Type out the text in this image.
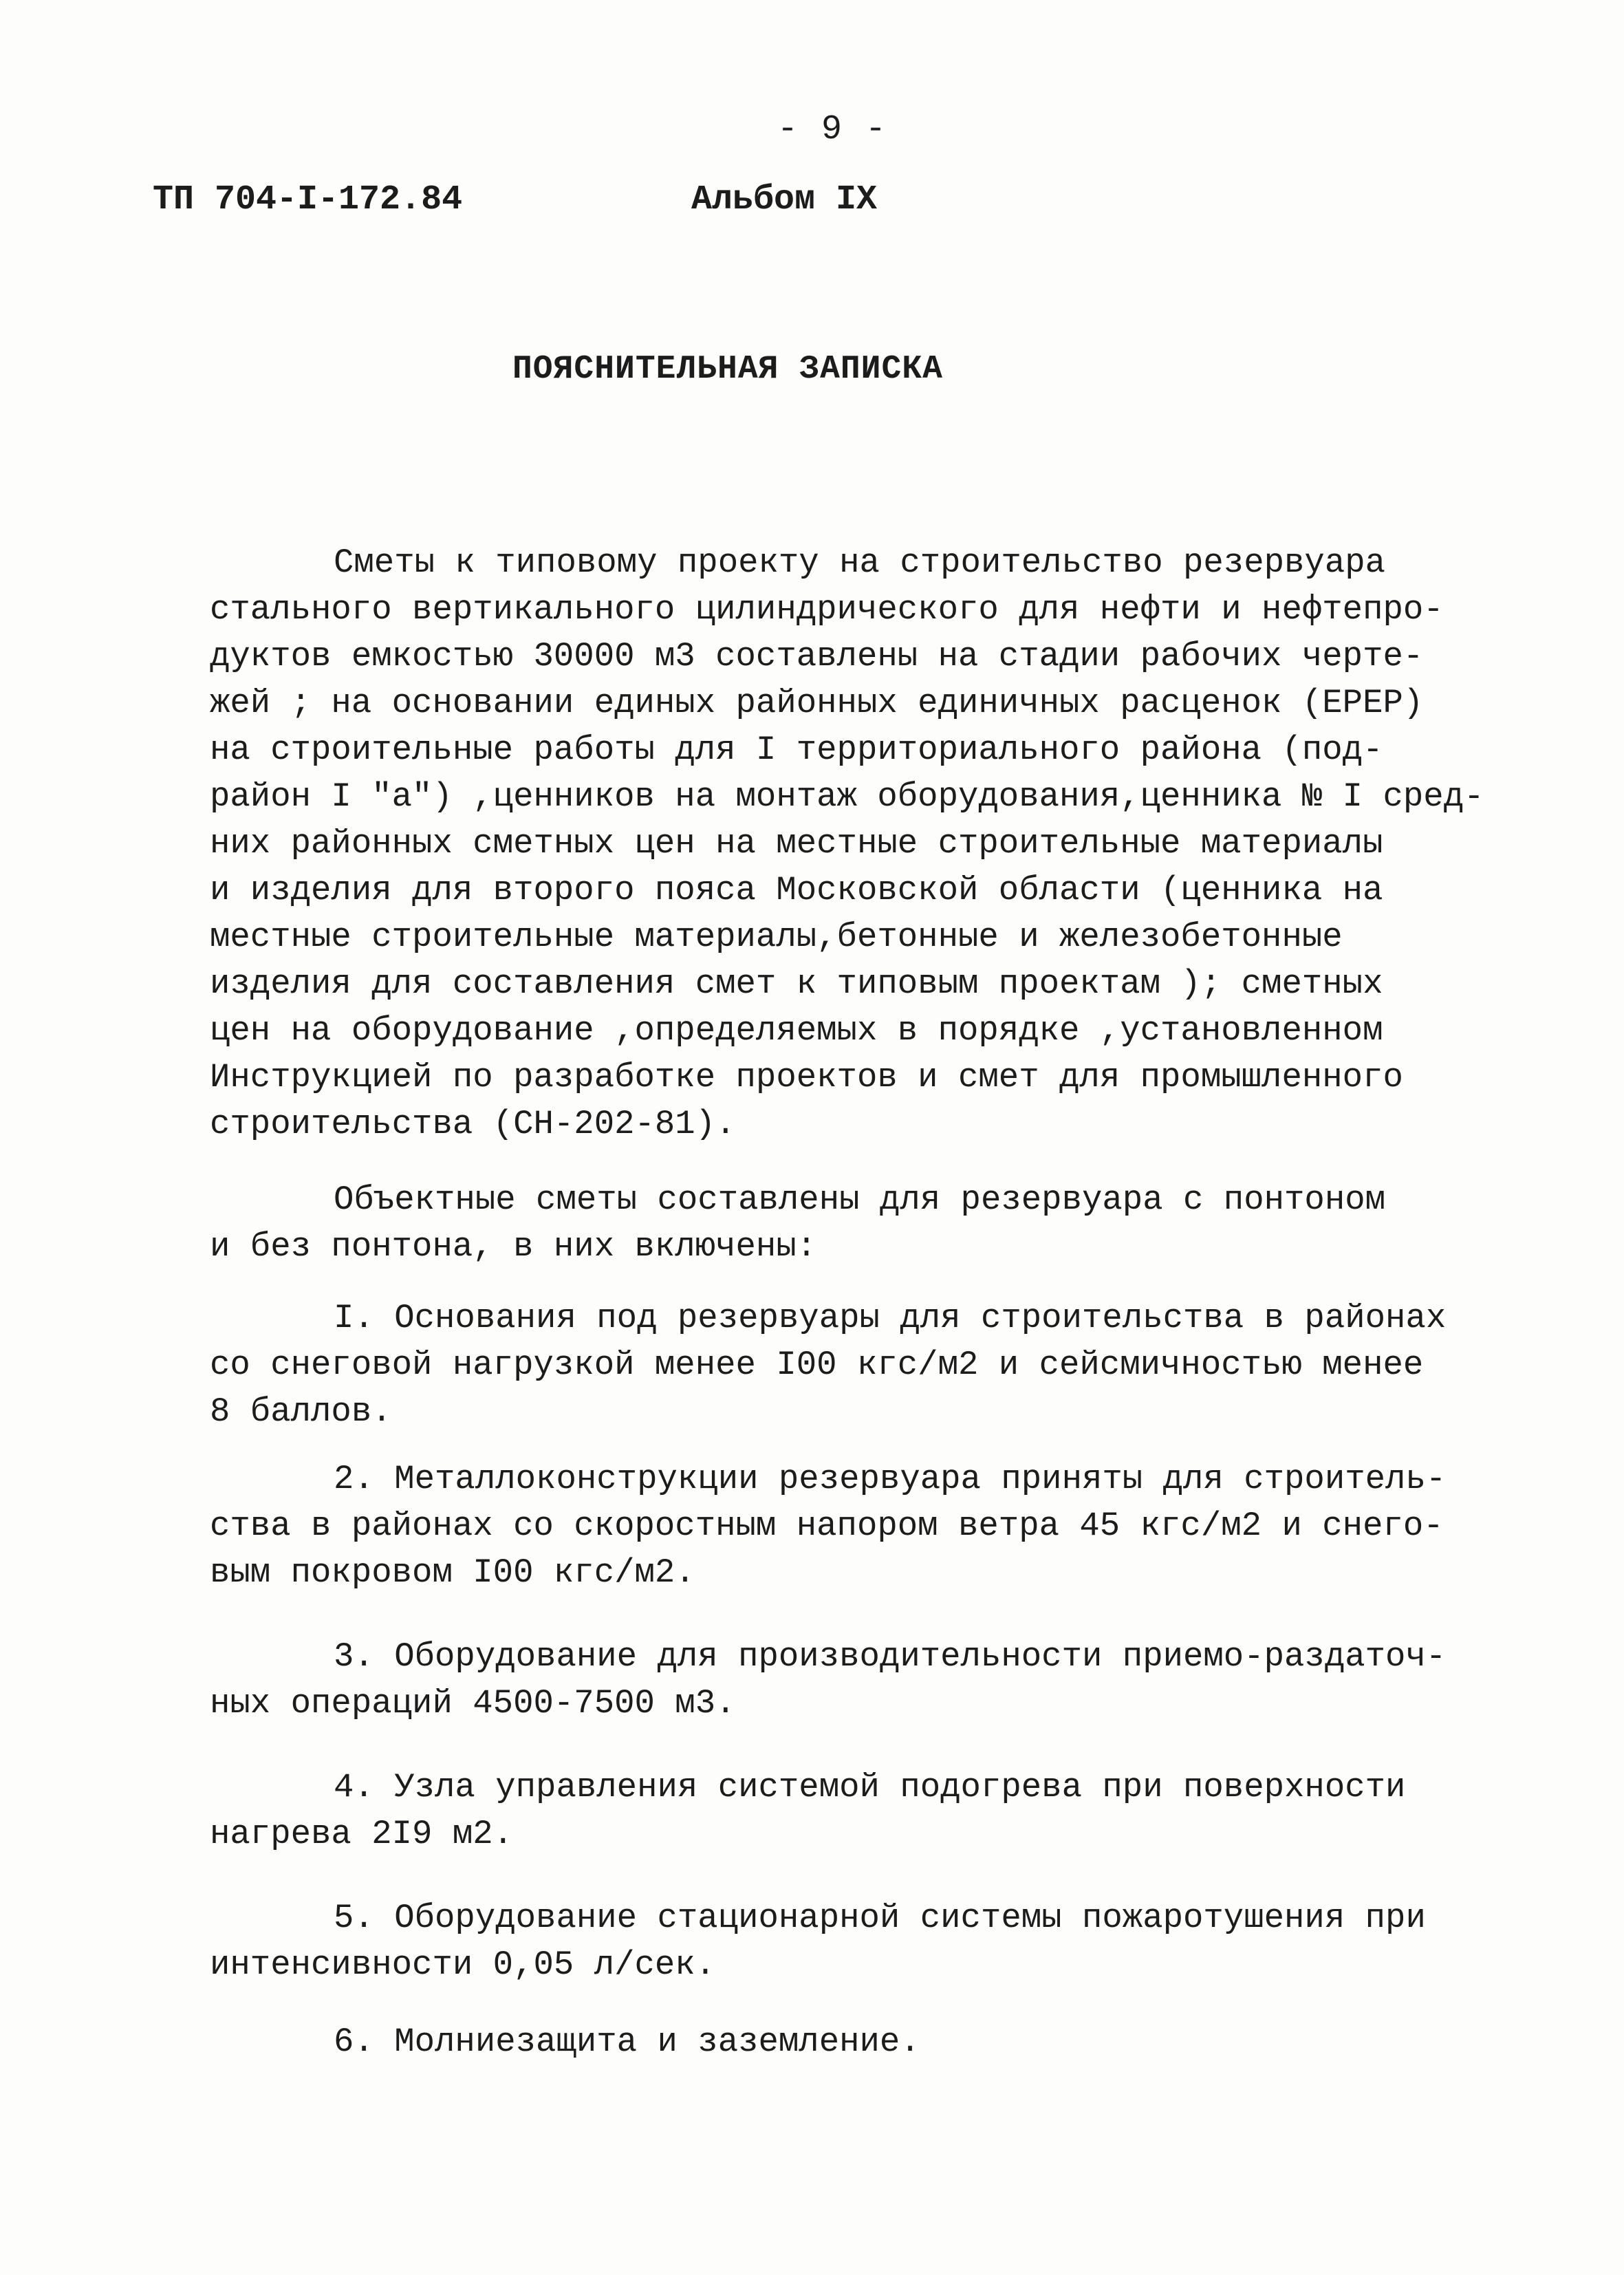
- 9 -
ТП 704-I-172.84	Альбом IX
ПОЯСНИТЕЛЬНАЯ ЗАПИСКА
Сметы к типовому проекту на строительство резервуара
стального вертикального цилиндрического для нефти и нефтепро-
дуктов емкостью 30000 м3 составлены на стадии рабочих черте-
жей ; на основании единых районных единичных расценок (ЕРЕР)
на строительные работы для I территориального района (под-
район I "а") ,ценников на монтаж оборудования,ценника № I сред-
них районных сметных цен на местные строительные материалы
и изделия для второго пояса Московской области (ценника на
местные строительные материалы,бетонные и железобетонные
изделия для составления смет к типовым проектам ); сметных
цен на оборудование ,определяемых в порядке ,установленном
Инструкцией по разработке проектов и смет для промышленного
строительства (СН-202-81).
Объектные сметы составлены для резервуара с понтоном
и без понтона, в них включены:
I. Основания под резервуары для строительства в районах
со снеговой нагрузкой менее I00 кгс/м2 и сейсмичностью менее
8 баллов.
2. Металлоконструкции резервуара приняты для строитель-
ства в районах со скоростным напором ветра 45 кгс/м2 и снего-
вым покровом I00 кгс/м2.
3. Оборудование для производительности приемо-раздаточ-
ных операций 4500-7500 м3.
4. Узла управления системой подогрева при поверхности
нагрева 2I9 м2.
5. Оборудование стационарной системы пожаротушения при
интенсивности 0,05 л/сек.
6. Молниезащита и заземление.
